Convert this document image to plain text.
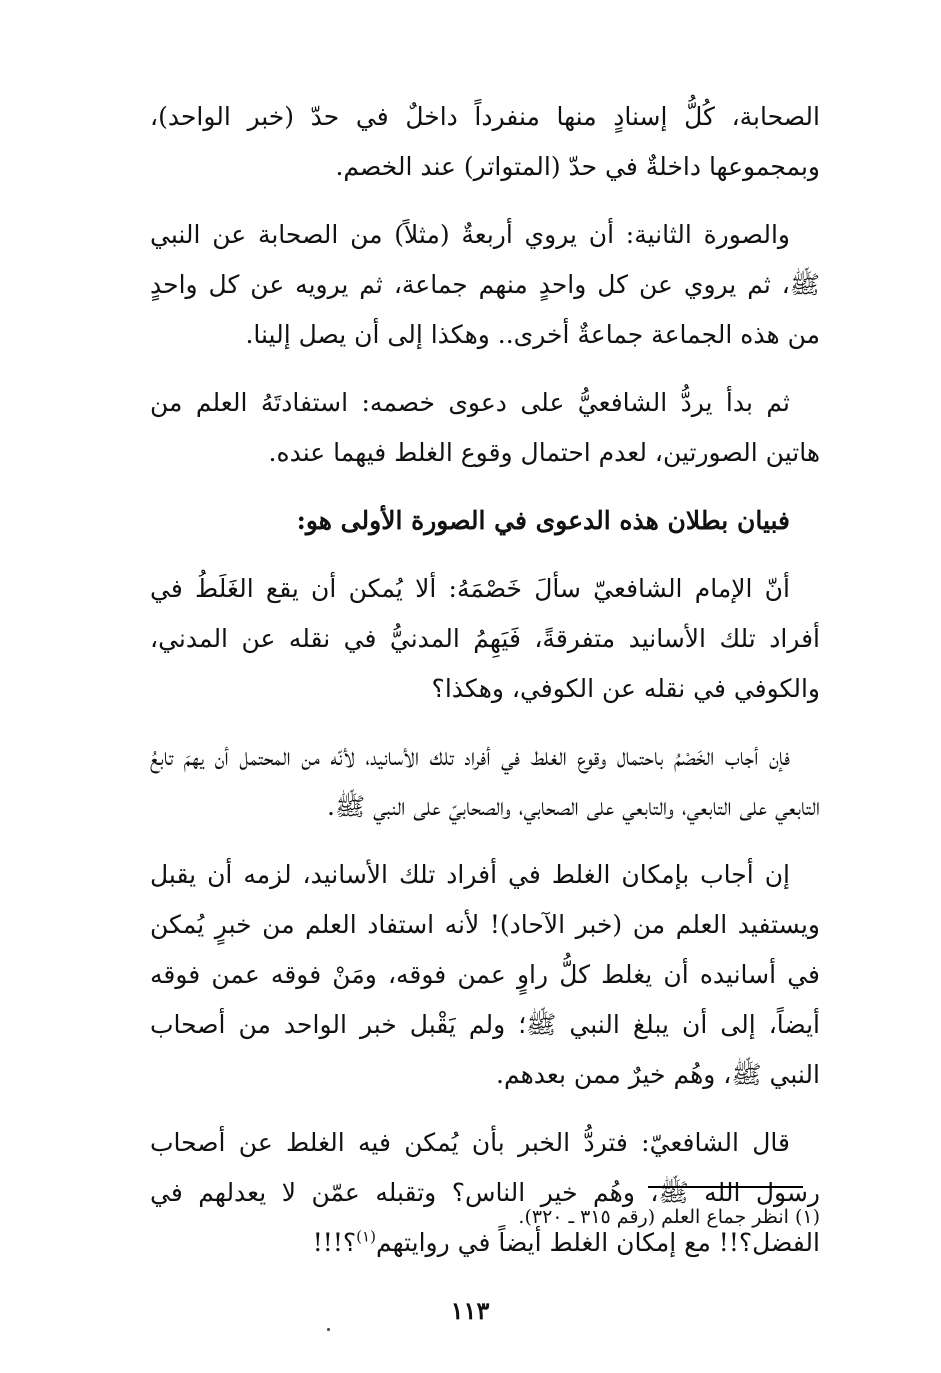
الصحابة، كُلُّ إسنادٍ منها منفرداً داخلٌ في حدّ (خبر الواحد)، وبمجموعها داخلةٌ في حدّ (المتواتر) عند الخصم.

والصورة الثانية: أن يروي أربعةٌ (مثلاً) من الصحابة عن النبي ﷺ، ثم يروي عن كل واحدٍ منهم جماعة، ثم يرويه عن كل واحدٍ من هذه الجماعة جماعةٌ أخرى.. وهكذا إلى أن يصل إلينا.

ثم بدأ يردُّ الشافعيُّ على دعوى خصمه: استفادتَهُ العلم من هاتين الصورتين، لعدم احتمال وقوع الغلط فيهما عنده.

فبيان بطلان هذه الدعوى في الصورة الأولى هو:

أنّ الإمام الشافعيّ سألَ خَصْمَهُ: ألا يُمكن أن يقع الغَلَطُ في أفراد تلك الأسانيد متفرقةً، فَيَهِمُ المدنيُّ في نقله عن المدني، والكوفي في نقله عن الكوفي، وهكذا؟

فإن أجاب الخَصْمُ باحتمال وقوع الغلط في أفراد تلك الأسانيد، لأنّه من المحتمل أن يهمَ تابعُ التابعي على التابعي، والتابعي على الصحابي، والصحابيّ على النبي ﷺ.

إن أجاب بإمكان الغلط في أفراد تلك الأسانيد، لزمه أن يقبل ويستفيد العلم من (خبر الآحاد)! لأنه استفاد العلم من خبرٍ يُمكن في أسانيده أن يغلط كلُّ راوٍ عمن فوقه، ومَنْ فوقه عمن فوقه أيضاً، إلى أن يبلغ النبي ﷺ؛ ولم يَقْبل خبر الواحد من أصحاب النبي ﷺ، وهُم خيرٌ ممن بعدهم.

قال الشافعيّ: فتردُّ الخبر بأن يُمكن فيه الغلط عن أصحاب رسول الله ﷺ، وهُم خير الناس؟ وتقبله عمّن لا يعدلهم في الفضل؟!! مع إمكان الغلط أيضاً في روايتهم$^{(١)}$؟!!!

(١) انظر جماع العلم (رقم ٣١٥ ـ ٣٢٠).
١١٣
